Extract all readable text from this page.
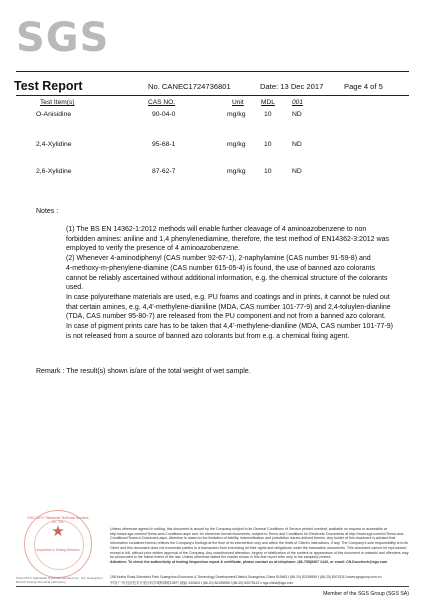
SGS
Test Report	No. CANEC1724736801	Date: 13 Dec 2017	Page 4 of 5
Test Item(s)	CAS NO.	Unit	MDL	001
O-Anisidine	90-04-0	mg/kg	10	ND
2,4-Xylidine	95-68-1	mg/kg	10	ND
2,6-Xylidine	87-62-7	mg/kg	10	ND
Notes :

(1) The BS EN 14362-1:2012 methods will enable further cleavage of 4 aminoazobenzene to non

forbidden amines: aniline and 1,4 phenylenediamine, therefore, the test method of EN14362-3:2012 was

employed to verify the presence of 4 aminoazobenzene.

(2) Whenever 4-aminodiphenyl (CAS number 92-67-1), 2-naphylamine (CAS number 91-59-8) and

4-methoxy-m-phenylene-diamine (CAS number 615-05-4) is found, the use of banned azo colorants

cannot be reliably ascertained without additional information, e.g. the chemical structure of the colorants

used.

In case polyurethane materials are used, e.g. PU foams and coatings and in prints, it cannot be ruled out

that certain amines, e.g. 4,4'-methylene-dianiline (MDA, CAS number 101-77-9) and 2,4-toluylen-dianline

(TDA, CAS number 95-80-7) are released from the PU component and not from a banned azo colorant.

In case of pigment prints care has to be taken that 4,4'-methylene-dianiline (MDA, CAS number 101-77-9)

is not released from a source of banned azo colorants but from e.g. a chemical fixing agent.

Remark : The result(s) shown is/are of the total weight of wet sample.
SGS-CSTC Standards Technical Services Co., Ltd.
★
Inspection & Testing Services
Unless otherwise agreed in writing, this document is issued by the Company subject to its General Conditions of Service printed overleaf, available on request or accessible at http://www.sgs.com/en/Terms-and-Conditions.aspx and, for electronic format documents, subject to Terms and Conditions for Electronic Documents at http://www.sgs.com/en/Terms-and-Conditions/Terms-e-Document.aspx. Attention is drawn to the limitation of liability, indemnification and jurisdiction issues defined therein. Any holder of this document is advised that information contained hereon reflects the Company's findings at the time of its intervention only and within the limits of Client's instructions, if any. The Company's sole responsibility is to its Client and this document does not exonerate parties to a transaction from exercising all their rights and obligations under the transaction documents. This document cannot be reproduced except in full, without prior written approval of the Company. Any unauthorized alteration, forgery or falsification of the content or appearance of this document is unlawful and offenders may be prosecuted to the fullest extent of the law. Unless otherwise stated the results shown in this test report refer only to the sample(s) tested.
Attention: To check the authenticity of testing /inspection report & certificate, please contact us at telephone: (86-755)8307 1443, or email: CN.Doccheck@sgs.com
SGS-CSTC Standards Technical Services Co., Ltd. Guangzhou Branch Testing Chemical Laboratory
198 Kezhu Road,Scientech Park Guangzhou Economic & Technology Development District,Guangzhou,China 510663 t (86-20) 82155555 f (86-20) 82075113 www.sgsgroup.com.cn
中国·广州·经济技术开发区科学城科珠路198号 邮编: 510663 t (86-20) 82155555 f (86-20) 82075113 e sgs.china@sgs.com
Member of the SGS Group (SGS SA)
